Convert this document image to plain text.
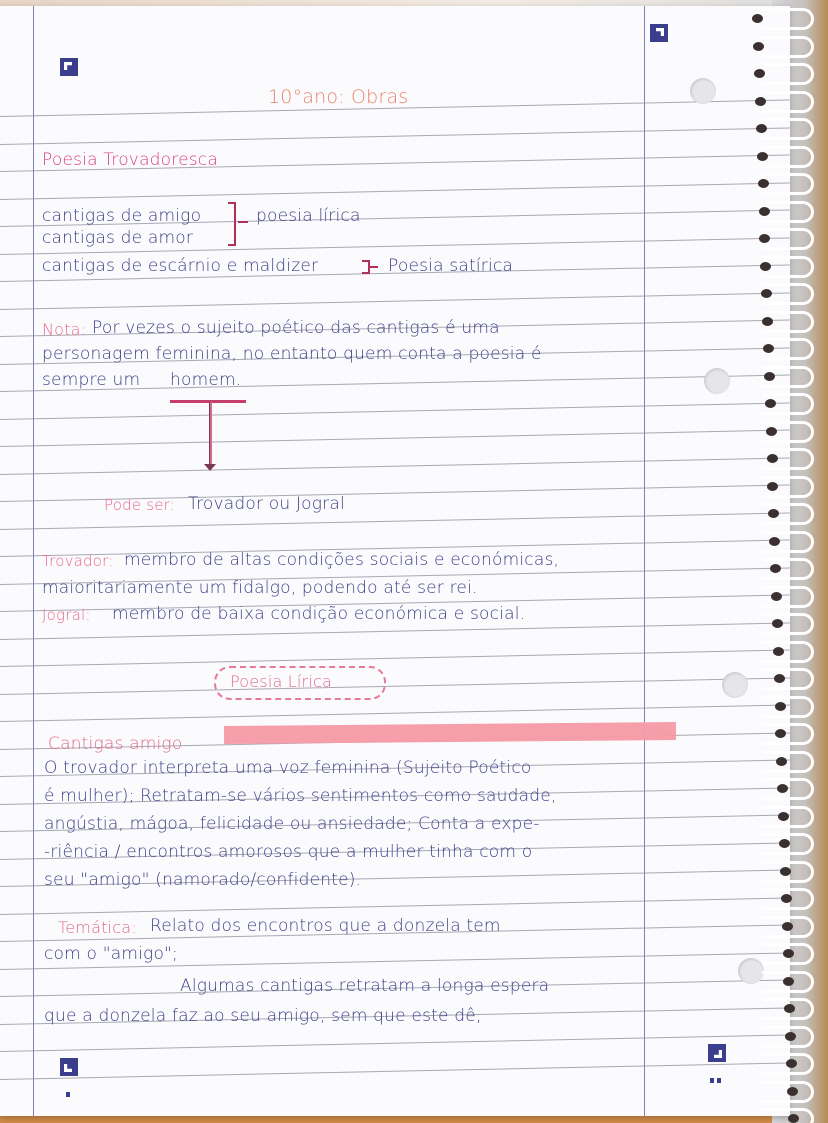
10°ano: Obras
Poesia Trovadoresca
cantigas de amigo
cantigas de amor
poesia lírica
cantigas de escárnio e maldizer	Poesia satírica
Nota: Por vezes o sujeito poético das cantigas é uma
personagem feminina, no entanto quem conta a poesia é
sempre um homem.
Pode ser: Trovador ou Jogral
Trovador: membro de altas condições sociais e económicas,
maioritariamente um fidalgo, podendo até ser rei.
Jogral: membro de baixa condição económica e social.
Poesia Lírica
Cantigas amigo
O trovador interpreta uma voz feminina (Sujeito Poético
é mulher); Retratam-se vários sentimentos como saudade,
angústia, mágoa, felicidade ou ansiedade; Conta a expe-
-riência / encontros amorosos que a mulher tinha com o
seu "amigo" (namorado/confidente).
Temática: Relato dos encontros que a donzela tem
com o "amigo";
Algumas cantigas retratam a longa espera
que a donzela faz ao seu amigo, sem que este dê,
